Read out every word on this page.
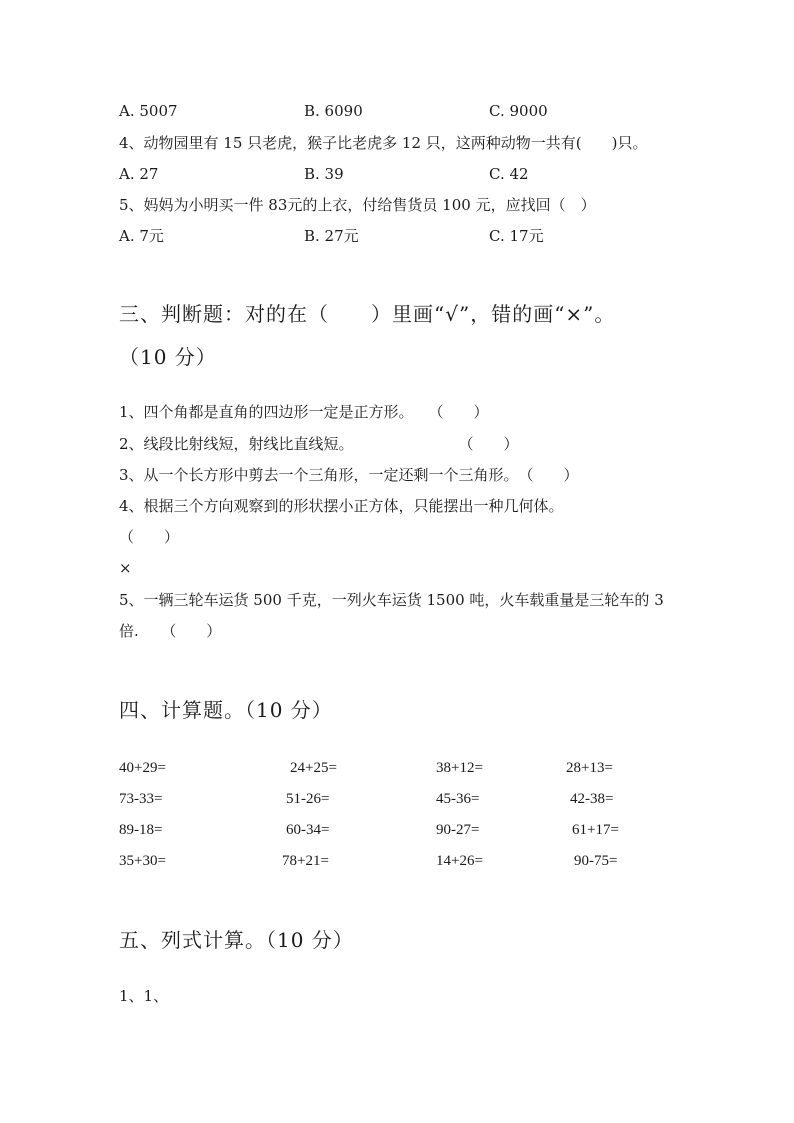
A. 5007	B. 6090	C. 9000
4、动物园里有 15 只老虎，猴子比老虎多 12 只，这两种动物一共有(　　)只。
A. 27	B. 39	C. 42
5、妈妈为小明买一件 83元的上衣，付给售货员 100 元，应找回（　）
A. 7元	B. 27元	C. 17元
三、判断题：对的在（　　）里画“√”，错的画“×”。
（10 分）
1、四个角都是直角的四边形一定是正方形。　　（　　）
2、线段比射线短，射线比直线短。　　　　　　　　（　　）
3、从一个长方形中剪去一个三角形，一定还剩一个三角形。　（　　）
4、根据三个方向观察到的形状摆小正方体，只能摆出一种几何体。
（　　）
×
5、一辆三轮车运货 500 千克，一列火车运货 1500 吨，火车载重量是三轮车的 3
倍.　　（　　）
四、计算题。（10 分）
40+29=	24+25=	38+12=	28+13=
73-33=	51-26=	45-36=	42-38=
89-18=	60-34=	90-27=	61+17=
35+30=	78+21=	14+26=	90-75=
五、列式计算。（10 分）
1、1、
